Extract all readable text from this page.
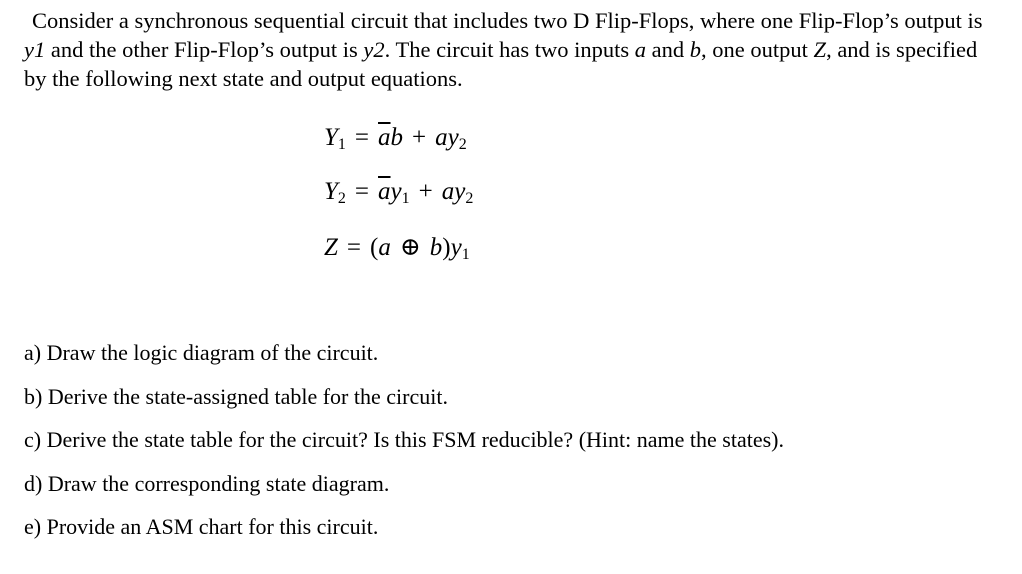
Consider a synchronous sequential circuit that includes two D Flip-Flops, where one Flip-Flop’s output is y1 and the other Flip-Flop’s output is y2. The circuit has two inputs a and b, one output Z, and is specified by the following next state and output equations.

$Y_1 = \overline{a}b + ay_2$
$Y_2 = \overline{a}y_1 + ay_2$
Z = (a ⊕ $b)y_1$
a) Draw the logic diagram of the circuit.
b) Derive the state-assigned table for the circuit.
c) Derive the state table for the circuit? Is this FSM reducible? (Hint: name the states).
d) Draw the corresponding state diagram.
e) Provide an ASM chart for this circuit.
